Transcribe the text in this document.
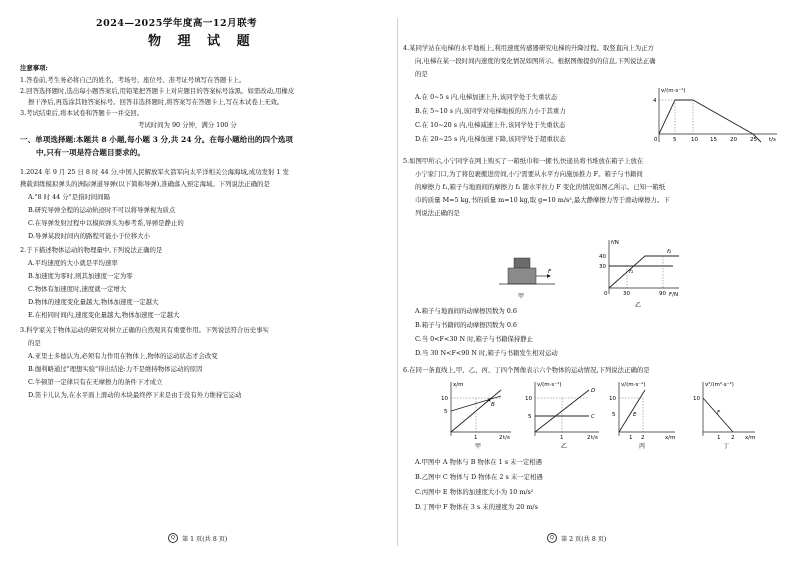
2024—2025学年度高一12月联考
物 理 试 题
注意事项:
1.答卷前,考生务必将自己的姓名、考场号、座位号、准考证号填写在答题卡上。
2.回答选择题时,选出每小题答案后,用铅笔把答题卡上对应题目的答案标号涂黑。如需改动,用橡皮
擦干净后,再选涂其他答案标号。回答非选择题时,将答案写在答题卡上,写在本试卷上无效。
3.考试结束后,将本试卷和答题卡一并交回。
考试时间为 90 分钟，满分 100 分
一、单项选择题:本题共 8 小题,每小题 3 分,共 24 分。在每小题给出的四个选项
中,只有一项是符合题目要求的。
1.2024 年 9 月 25 日 8 时 44 分,中国人民解放军火箭军向太平洋相关公海海域,成功发射 1 发
携载训练模拟弹头的洲际弹道导弹(以下简称导弹),准确落入预定海域。下列说法正确的是
A."8 时 44 分"是指时间间隔
B.研究导弹全程的运动轨迹时不可以将导弹视为质点
C.在导弹发射过程中以模拟弹头为参考系,导弹是静止的
D.导弹某段时间内的路程可能小于位移大小
2.于下描述物体运动的物理量中,下列说法正确的是
A.平均速度的大小就是平均速率
B.加速度为零时,则其加速度一定为零
C.物体有加速度时,速度就一定增大
D.物体的速度变化量越大,物体加速度一定越大
E.在相同时间内,速度变化量越大,物体加速度一定越大
3.科学家关于物体运动的研究对树立正确的自然观具有重要作用。下列说法符合历史事实
的是
A.亚里士多德认为,必须有力作用在物体上,物体的运动状态才会改变
B.伽利略通过"理想实验"得出结论:力不是维持物体运动的原因
C.牛顿第一定律只有在无摩擦力的条件下才成立
D.笛卡儿认为,在水平面上滑动的木块最终停下来是由于没有外力维持它运动
Q	第 1 页(共 8 页)
4.某同学站在电梯的水平地板上,利用速度传感器研究电梯的升降过程。取竖直向上为正方
向,电梯在某一段时间内速度的变化情况如图所示。根据图像提供的信息,下列说法正确
的是
A.在 0~5 s 内,电梯加速上升,该同学处于失重状态
B.在 5~10 s 内,该同学对电梯地板的压力小于其重力
C.在 10~20 s 内,电梯减速上升,该同学处于失重状态
D.在 20~25 s 内,电梯加速下降,该同学处于超重状态
v/(m·s⁻¹)
t/s
4
0	5	10 15 20 25
5.如图甲所示,小宁同学在网上购买了一箱纸巾和一摞书,快递员将书堆放在箱子上放在
小宁家门口,为了将包裹搬进房间,小宁需要从水平方向施加推力 F。箱子与书籍间
的摩擦力 f₁,箱子与地面间的摩擦力 f₂ 随水平拉力 F 变化的情况如图乙所示。已知一箱纸
巾的质量 M=5 kg,书的质量 m=10 kg,取 g=10 m/s²,最大静摩擦力等于滑动摩擦力。下
列说法正确的是
F
甲
f/N
F/N
40
30
0	30	90
f₁
f₂
乙
A.箱子与地面间的动摩擦因数为 0.6
B.箱子与书籍间的动摩擦因数为 0.6
C.当 0<F<30 N 时,箱子与书籍保持静止
D.当 30 N<F<90 N 时,箱子与书籍发生相对运动
6.在同一条直线上,甲、乙、丙、丁四个图像表示六个物体的运动情况,下列说法正确的是
x/m
t/s
10
5
1	2
A
B
甲
v/(m·s⁻¹)
t/s
10
5
1	2
D
C
乙
v/(m·s⁻¹)
x/m
10
5
1 2
E
丙
v²/(m²·s⁻²)
x/m
10
1 2
F
丁
A.甲图中 A 物体与 B 物体在 1 s 末一定相遇
B.乙图中 C 物体与 D 物体在 2 s 末一定相遇
C.丙图中 E 物体的加速度大小为 10 m/s²
D.丁图中 F 物体在 3 s 末的速度为 20 m/s
Q	第 2 页(共 8 页)
